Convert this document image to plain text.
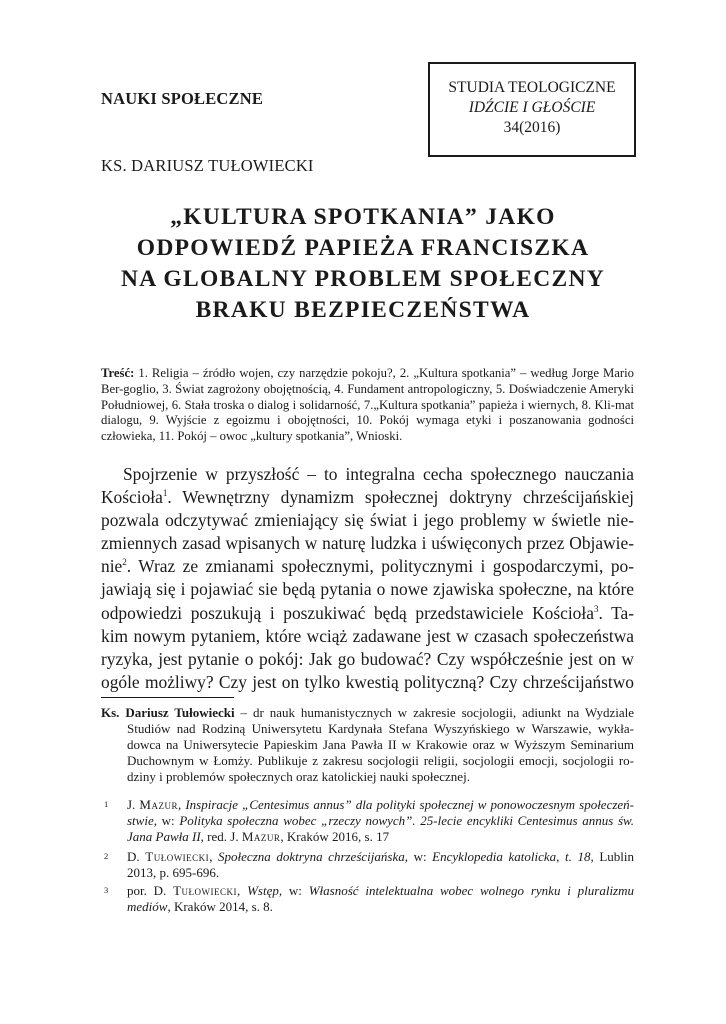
NAUKI SPOŁECZNE
STUDIA TEOLOGICZNE
IDŹCIE I GŁOŚCIE
34(2016)
KS. DARIUSZ TUŁOWIECKI
„KULTURA SPOTKANIA” JAKO
ODPOWIEDŹ PAPIEŻA FRANCISZKA
NA GLOBALNY PROBLEM SPOŁECZNY
BRAKU BEZPIECZEŃSTWA
Treść: 1. Religia – źródło wojen, czy narzędzie pokoju?, 2. „Kultura spotkania” – według Jorge Mario Ber-goglio, 3. Świat zagrożony obojętnością, 4. Fundament antropologiczny, 5. Doświadczenie Ameryki Południowej, 6. Stała troska o dialog i solidarność, 7.„Kultura spotkania” papieża i wiernych, 8. Kli-mat dialogu, 9. Wyjście z egoizmu i obojętności, 10. Pokój wymaga etyki i poszanowania godności człowieka, 11. Pokój – owoc „kultury spotkania”, Wnioski.
Spojrzenie w przyszłość – to integralna cecha społecznego nauczania
Kościoła$^1$. Wewnętrzny dynamizm społecznej doktryny chrześcijańskiej
pozwala odczytywać zmieniający się świat i jego problemy w świetle nie-
zmiennych zasad wpisanych w naturę ludzka i uświęconych przez Objawie-
nie$^2$. Wraz ze zmianami społecznymi, politycznymi i gospodarczymi, po-
jawiają się i pojawiać sie będą pytania o nowe zjawiska społeczne, na które
odpowiedzi poszukują i poszukiwać będą przedstawiciele Kościoła$^3$. Ta-
kim nowym pytaniem, które wciąż zadawane jest w czasach społeczeństwa
ryzyka, jest pytanie o pokój: Jak go budować? Czy współcześnie jest on w
ogóle możliwy? Czy jest on tylko kwestią polityczną? Czy chrześcijaństwo
Ks. Dariusz Tułowiecki – dr nauk humanistycznych w zakresie socjologii, adiunkt na Wydziale
Studiów nad Rodziną Uniwersytetu Kardynała Stefana Wyszyńskiego w Warszawie, wykła-
dowca na Uniwersytecie Papieskim Jana Pawła II w Krakowie oraz w Wyższym Seminarium
Duchownym w Łomży. Publikuje z zakresu socjologii religii, socjologii emocji, socjologii ro-
dziny i problemów społecznych oraz katolickiej nauki społecznej.
1 J. Mazur, Inspiracje „Centesimus annus” dla polityki społecznej w ponowoczesnym społeczeń-
stwie, w: Polityka społeczna wobec „rzeczy nowych”. 25-lecie encykliki Centesimus annus św.
Jana Pawła II, red. J. Mazur, Kraków 2016, s. 17
2 D. Tułowiecki, Społeczna doktryna chrześcijańska, w: Encyklopedia katolicka, t. 18, Lublin
2013, p. 695-696.
3 por. D. Tułowiecki, Wstęp, w: Własność intelektualna wobec wolnego rynku i pluralizmu
mediów, Kraków 2014, s. 8.
